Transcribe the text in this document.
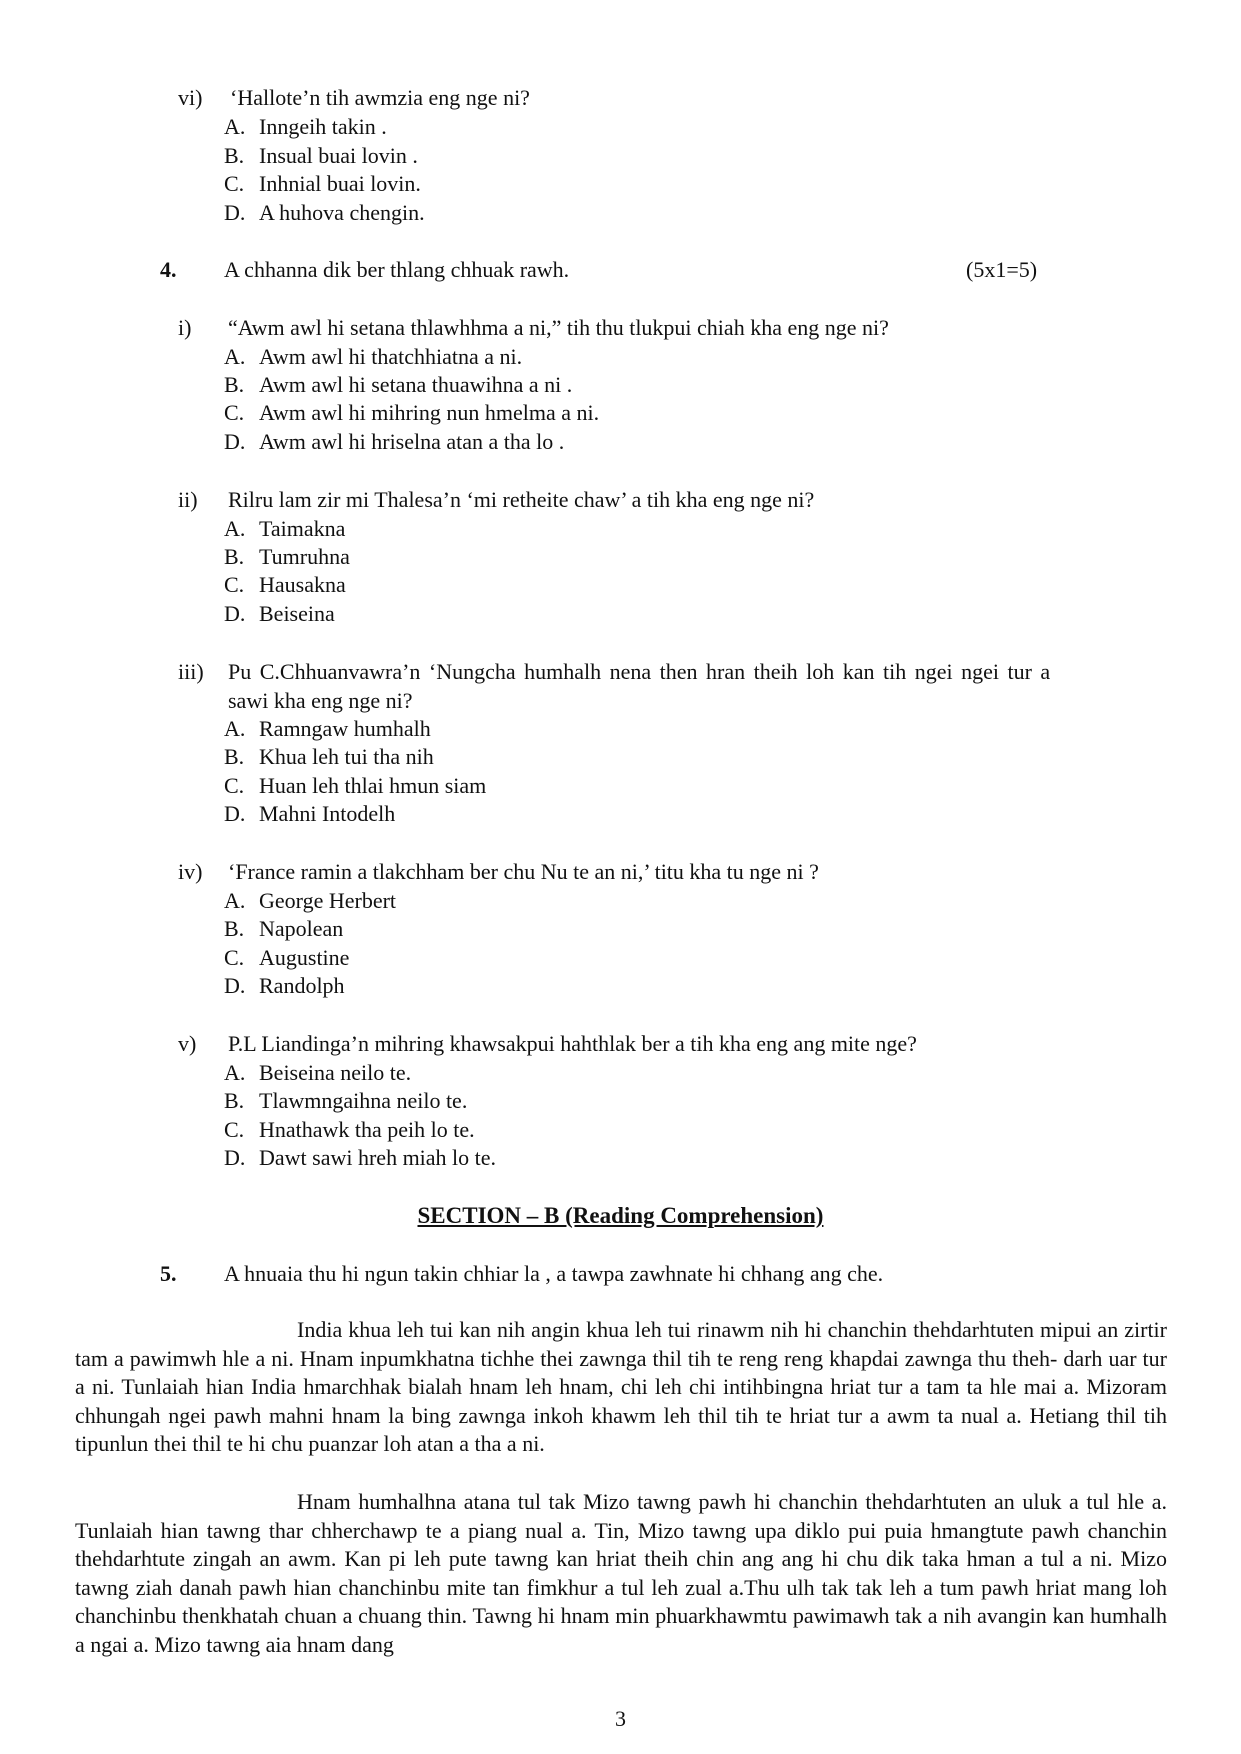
vi) ‘Hallote’n tih awmzia eng nge ni?
A. Inngeih takin .
B. Insual buai lovin .
C. Inhnial buai lovin.
D. A huhova chengin.
4. A chhanna dik ber thlang chhuak rawh.	(5x1=5)
i) “Awm awl hi setana thlawhhma a ni,” tih thu tlukpui chiah kha eng nge ni?
A. Awm awl hi thatchhiatna a ni.
B. Awm awl hi setana thuawihna a ni .
C. Awm awl hi mihring nun hmelma a ni.
D. Awm awl hi hriselna atan a tha lo .
ii) Rilru lam zir mi Thalesa’n ‘mi retheite chaw’ a tih kha eng nge ni?
A. Taimakna
B. Tumruhna
C. Hausakna
D. Beiseina
iii) Pu C.Chhuanvawra’n ‘Nungcha humhalh nena then hran theih loh kan tih ngei ngei tur a
sawi kha eng nge ni?
A. Ramngaw humhalh
B. Khua leh tui tha nih
C. Huan leh thlai hmun siam
D. Mahni Intodelh
iv) ‘France ramin a tlakchham ber chu Nu te an ni,’ titu kha tu nge ni ?
A. George Herbert
B. Napolean
C. Augustine
D. Randolph
v) P.L Liandinga’n mihring khawsakpui hahthlak ber a tih kha eng ang mite nge?
A. Beiseina neilo te.
B. Tlawmngaihna neilo te.
C. Hnathawk tha peih lo te.
D. Dawt sawi hreh miah lo te.
SECTION – B (Reading Comprehension)
5. A hnuaia thu hi ngun takin chhiar la , a tawpa zawhnate hi chhang ang che.
India khua leh tui kan nih angin khua leh tui rinawm nih hi chanchin thehdarhtuten mipui an zirtir tam a pawimwh hle a ni. Hnam inpumkhatna tichhe thei zawnga thil tih te reng reng khapdai zawnga thu theh- darh uar tur a ni. Tunlaiah hian India hmarchhak bialah hnam leh hnam, chi leh chi intihbingna hriat tur a tam ta hle mai a. Mizoram chhungah ngei pawh mahni hnam la bing zawnga inkoh khawm leh thil tih te hriat tur a awm ta nual a. Hetiang thil tih tipunlun thei thil te hi chu puanzar loh atan a tha a ni.
Hnam humhalhna atana tul tak Mizo tawng pawh hi chanchin thehdarhtuten an uluk a tul hle a. Tunlaiah hian tawng thar chherchawp te a piang nual a. Tin, Mizo tawng upa diklo pui puia hmangtute pawh chanchin thehdarhtute zingah an awm. Kan pi leh pute tawng kan hriat theih chin ang ang hi chu dik taka hman a tul a ni. Mizo tawng ziah danah pawh hian chanchinbu mite tan fimkhur a tul leh zual a.Thu ulh tak tak leh a tum pawh hriat mang loh chanchinbu thenkhatah chuan a chuang thin. Tawng hi hnam min phuarkhawmtu pawimawh tak a nih avangin kan humhalh a ngai a. Mizo tawng aia hnam dang
3
